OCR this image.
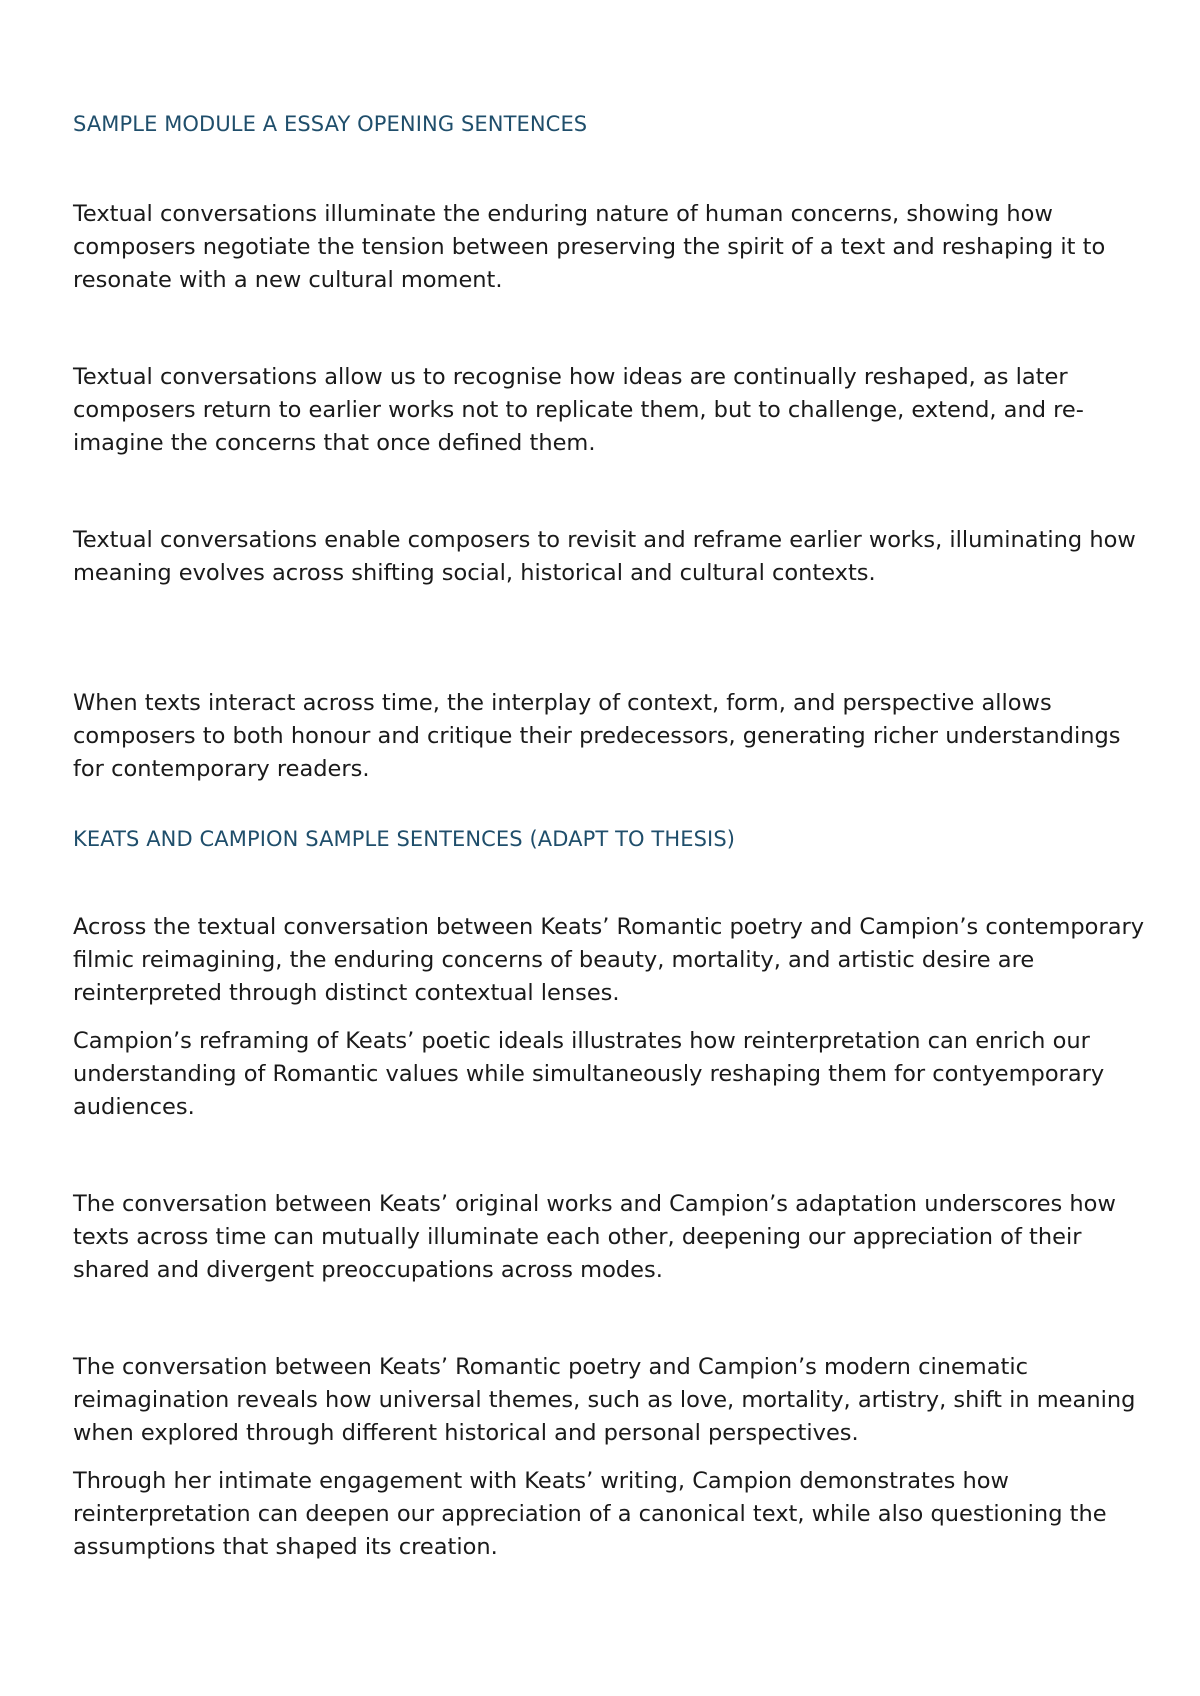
SAMPLE MODULE A ESSAY OPENING SENTENCES

Textual conversations illuminate the enduring nature of human concerns, showing how composers negotiate the tension between preserving the spirit of a text and reshaping it to resonate with a new cultural moment.

Textual conversations allow us to recognise how ideas are continually reshaped, as later composers return to earlier works not to replicate them, but to challenge, extend, and re-imagine the concerns that once defined them.

Textual conversations enable composers to revisit and reframe earlier works, illuminating how meaning evolves across shifting social, historical and cultural contexts.

When texts interact across time, the interplay of context, form, and perspective allows composers to both honour and critique their predecessors, generating richer understandings for contemporary readers.

KEATS AND CAMPION SAMPLE SENTENCES (ADAPT TO THESIS)

Across the textual conversation between Keats’ Romantic poetry and Campion’s contemporary filmic reimagining, the enduring concerns of beauty, mortality, and artistic desire are reinterpreted through distinct contextual lenses.

Campion’s reframing of Keats’ poetic ideals illustrates how reinterpretation can enrich our understanding of Romantic values while simultaneously reshaping them for contyemporary audiences.

The conversation between Keats’ original works and Campion’s adaptation underscores how texts across time can mutually illuminate each other, deepening our appreciation of their shared and divergent preoccupations across modes.

The conversation between Keats’ Romantic poetry and Campion’s modern cinematic reimagination reveals how universal themes, such as love, mortality, artistry, shift in meaning when explored through different historical and personal perspectives.

Through her intimate engagement with Keats’ writing, Campion demonstrates how reinterpretation can deepen our appreciation of a canonical text, while also questioning the assumptions that shaped its creation.
